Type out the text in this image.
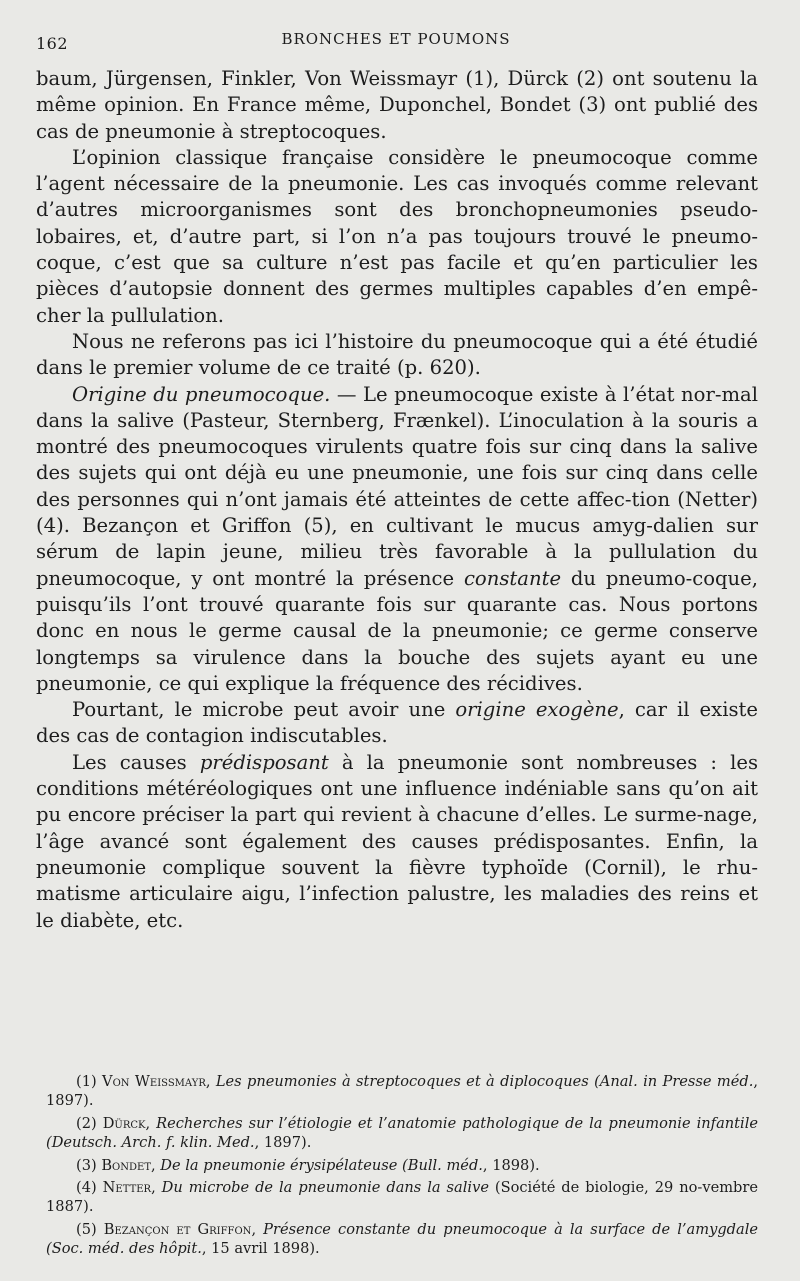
162	BRONCHES ET POUMONS

baum, Jürgensen, Finkler, Von Weissmayr (1), Dürck (2) ont soutenu la même opinion. En France même, Duponchel, Bondet (3) ont publié des cas de pneumonie à streptocoques.

L’opinion classique française considère le pneumocoque comme l’agent nécessaire de la pneumonie. Les cas invoqués comme relevant d’autres microorganismes sont des bronchopneumonies pseudo-lobaires, et, d’autre part, si l’on n’a pas toujours trouvé le pneumo-coque, c’est que sa culture n’est pas facile et qu’en particulier les pièces d’autopsie donnent des germes multiples capables d’en empê-cher la pullulation.

Nous ne referons pas ici l’histoire du pneumocoque qui a été étudié dans le premier volume de ce traité (p. 620).

Origine du pneumocoque. — Le pneumocoque existe à l’état nor-mal dans la salive (Pasteur, Sternberg, Frænkel). L’inoculation à la souris a montré des pneumocoques virulents quatre fois sur cinq dans la salive des sujets qui ont déjà eu une pneumonie, une fois sur cinq dans celle des personnes qui n’ont jamais été atteintes de cette affec-tion (Netter) (4). Bezançon et Griffon (5), en cultivant le mucus amyg-dalien sur sérum de lapin jeune, milieu très favorable à la pullulation du pneumocoque, y ont montré la présence constante du pneumo-coque, puisqu’ils l’ont trouvé quarante fois sur quarante cas. Nous portons donc en nous le germe causal de la pneumonie; ce germe conserve longtemps sa virulence dans la bouche des sujets ayant eu une pneumonie, ce qui explique la fréquence des récidives.

Pourtant, le microbe peut avoir une origine exogène, car il existe des cas de contagion indiscutables.

Les causes prédisposant à la pneumonie sont nombreuses : les conditions météréologiques ont une influence indéniable sans qu’on ait pu encore préciser la part qui revient à chacune d’elles. Le surme-nage, l’âge avancé sont également des causes prédisposantes. Enfin, la pneumonie complique souvent la fièvre typhoïde (Cornil), le rhu-matisme articulaire aigu, l’infection palustre, les maladies des reins et le diabète, etc.

(1) Von Weissmayr, Les pneumonies à streptocoques et à diplocoques (Anal. in Presse méd., 1897).

(2) Dürck, Recherches sur l’étiologie et l’anatomie pathologique de la pneumonie infantile (Deutsch. Arch. f. klin. Med., 1897).

(3) Bondet, De la pneumonie érysipélateuse (Bull. méd., 1898).

(4) Netter, Du microbe de la pneumonie dans la salive (Société de biologie, 29 no-vembre 1887).

(5) Bezançon et Griffon, Présence constante du pneumocoque à la surface de l’amygdale (Soc. méd. des hôpit., 15 avril 1898).
